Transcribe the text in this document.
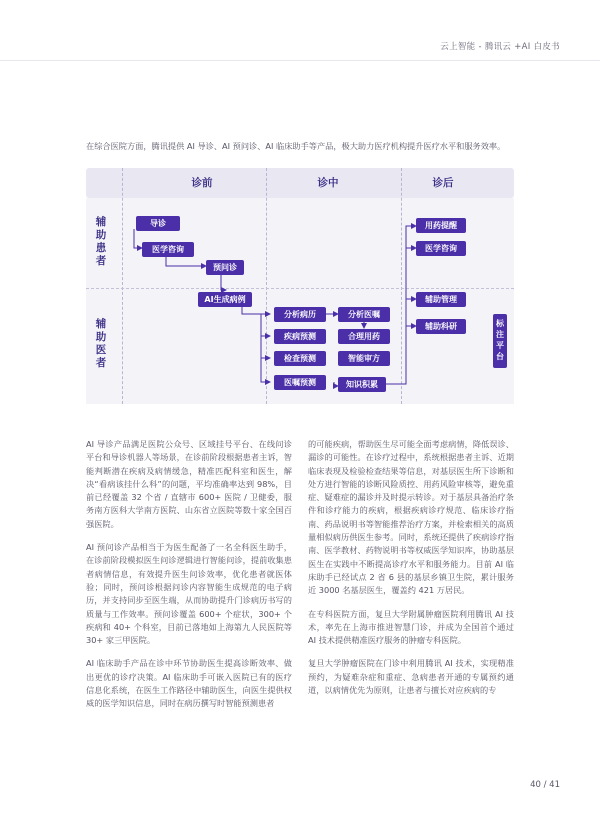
云上智能 - 腾讯云 +AI 白皮书
在综合医院方面，腾讯提供 AI 导诊、AI 预问诊、AI 临床助手等产品，极大助力医疗机构提升医疗水平和服务效率。
诊前	诊中	诊后
辅助患者
辅助医者
导诊
医学咨询
预问诊
AI生成病例
分析病历
疾病预测
检查预测
医嘱预测
分析医嘱
合理用药
智能审方
知识积累
用药提醒
医学咨询
辅助管理
辅助科研	标注平台

AI 导诊产品满足医院公众号、区域挂号平台、在线问诊平台和导诊机器人等场景，在诊前阶段根据患者主诉，智能判断潜在疾病及病情缓急，精准匹配科室和医生，解决“看病该挂什么科”的问题，平均准确率达到 98%，目前已经覆盖 32 个省 / 直辖市 600+ 医院 / 卫健委，服务南方医科大学南方医院、山东省立医院等数十家全国百强医院。

AI 预问诊产品相当于为医生配备了一名全科医生助手，在诊前阶段模拟医生问诊逻辑进行智能问诊，提前收集患者病情信息，有效提升医生问诊效率，优化患者就医体验；同时，预问诊根据问诊内容智能生成规范的电子病历，并支持同步至医生端，从而协助提升门诊病历书写的质量与工作效率。预问诊覆盖 600+ 个症状，300+ 个疾病和 40+ 个科室，目前已落地如上海第九人民医院等 30+ 家三甲医院。

AI 临床助手产品在诊中环节协助医生提高诊断效率、做出更优的诊疗决策。AI 临床助手可嵌入医院已有的医疗信息化系统，在医生工作路径中辅助医生，向医生提供权威的医学知识信息，同时在病历撰写时智能预测患者

的可能疾病，帮助医生尽可能全面考虑病情，降低误诊、漏诊的可能性。在诊疗过程中，系统根据患者主诉、近期临床表现及检验检查结果等信息，对基层医生所下诊断和处方进行智能的诊断风险质控、用药风险审核等，避免重症、疑难症的漏诊并及时提示转诊。对于基层具备治疗条件和诊疗能力的疾病，根据疾病诊疗规范、临床诊疗指南、药品说明书等智能推荐治疗方案，并检索相关的高质量相似病历供医生参考。同时，系统还提供了疾病诊疗指南、医学教材、药物说明书等权威医学知识库，协助基层医生在实践中不断提高诊疗水平和服务能力。目前 AI 临床助手已经试点 2 省 6 县的基层乡镇卫生院，累计服务近 3000 名基层医生，覆盖约 421 万居民。

在专科医院方面，复旦大学附属肿瘤医院利用腾讯 AI 技术，率先在上海市推进智慧门诊，并成为全国首个通过 AI 技术提供精准医疗服务的肿瘤专科医院。

复旦大学肿瘤医院在门诊中利用腾讯 AI 技术，实现精准预约，为疑难杂症和重症、急病患者开通的专属预约通道，以病情优先为原则，让患者与擅长对应疾病的专

40 / 41
